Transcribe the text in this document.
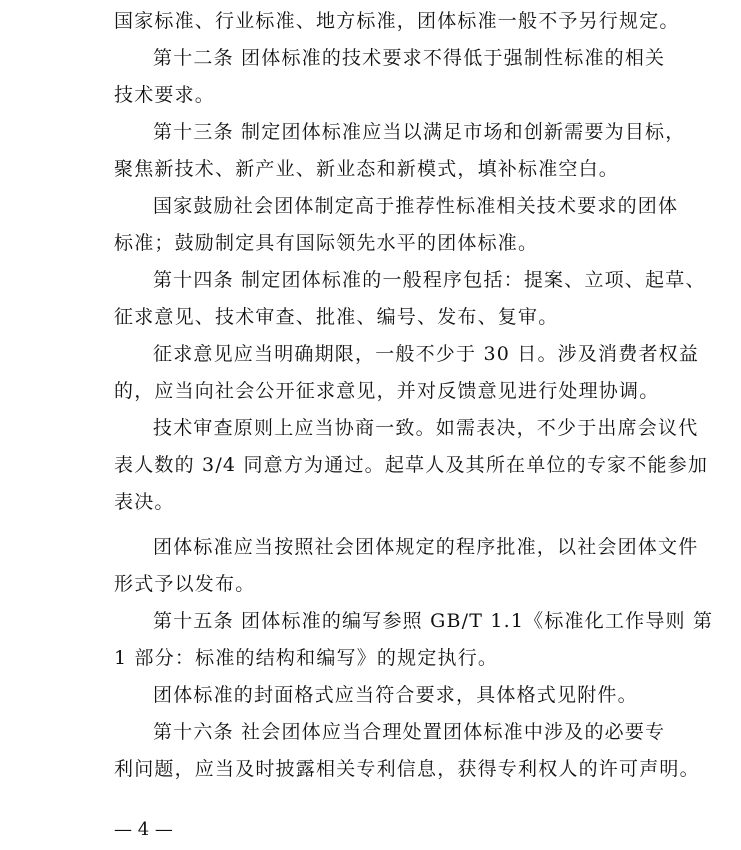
国家标准、行业标准、地方标准，团体标准一般不予另行规定。
第十二条 团体标准的技术要求不得低于强制性标准的相关
技术要求。
第十三条 制定团体标准应当以满足市场和创新需要为目标，
聚焦新技术、新产业、新业态和新模式，填补标准空白。
国家鼓励社会团体制定高于推荐性标准相关技术要求的团体
标准；鼓励制定具有国际领先水平的团体标准。
第十四条 制定团体标准的一般程序包括：提案、立项、起草、
征求意见、技术审查、批准、编号、发布、复审。
征求意见应当明确期限，一般不少于 30 日。涉及消费者权益
的，应当向社会公开征求意见，并对反馈意见进行处理协调。
技术审查原则上应当协商一致。如需表决，不少于出席会议代
表人数的 3/4 同意方为通过。起草人及其所在单位的专家不能参加
表决。
团体标准应当按照社会团体规定的程序批准，以社会团体文件
形式予以发布。
第十五条 团体标准的编写参照 GB/T 1.1《标准化工作导则 第
1 部分：标准的结构和编写》的规定执行。
团体标准的封面格式应当符合要求，具体格式见附件。
第十六条 社会团体应当合理处置团体标准中涉及的必要专
利问题，应当及时披露相关专利信息，获得专利权人的许可声明。
— 4 —
